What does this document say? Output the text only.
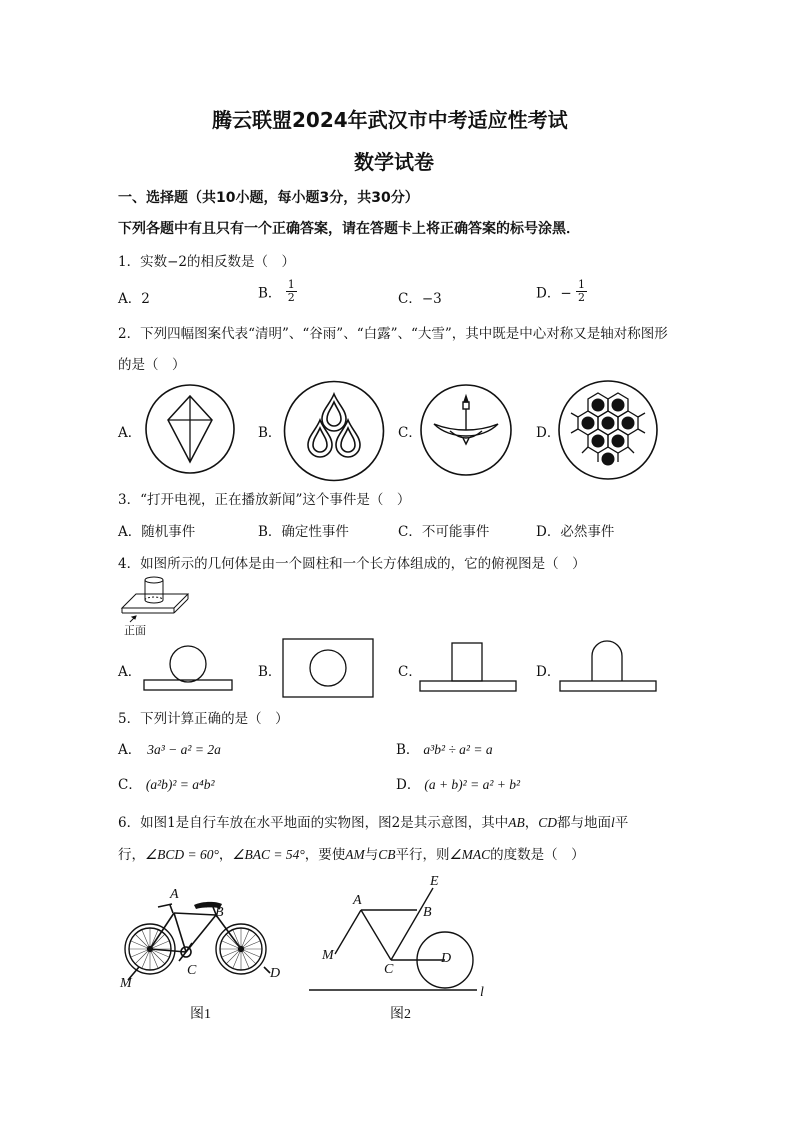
腾云联盟2024年武汉市中考适应性考试
数学试卷
一、选择题（共10小题，每小题3分，共30分）
下列各题中有且只有一个正确答案，请在答题卡上将正确答案的标号涂黑．
1．实数−2的相反数是（　）
A．2	B． $\frac{1}{2}$	C．−3	D．− $\frac{1}{2}$
2．下列四幅图案代表“清明”、“谷雨”、“白露”、“大雪”，其中既是中心对称又是轴对称图形
的是（　）
A．	B．	C．	D．
3．“打开电视，正在播放新闻”这个事件是（　）
A．随机事件	B．确定性事件	C．不可能事件	D．必然事件
4．如图所示的几何体是由一个圆柱和一个长方体组成的，它的俯视图是（　）
正面
A．	B．	C．	D．
5．下列计算正确的是（　）
A． 3a³ − a² = 2a	B． a³b² ÷ a² = a
C． (a²b)² = a⁴b²	D． (a + b)² = a² + b²
6．如图1是自行车放在水平地面的实物图，图2是其示意图，其中AB，CD都与地面l平
行，∠BCD = 60°，∠BAC = 54°，要使AM与CB平行，则∠MAC的度数是（　）
A
B
C	D
M
图1
A
B
C
D
E
M
l
图2
